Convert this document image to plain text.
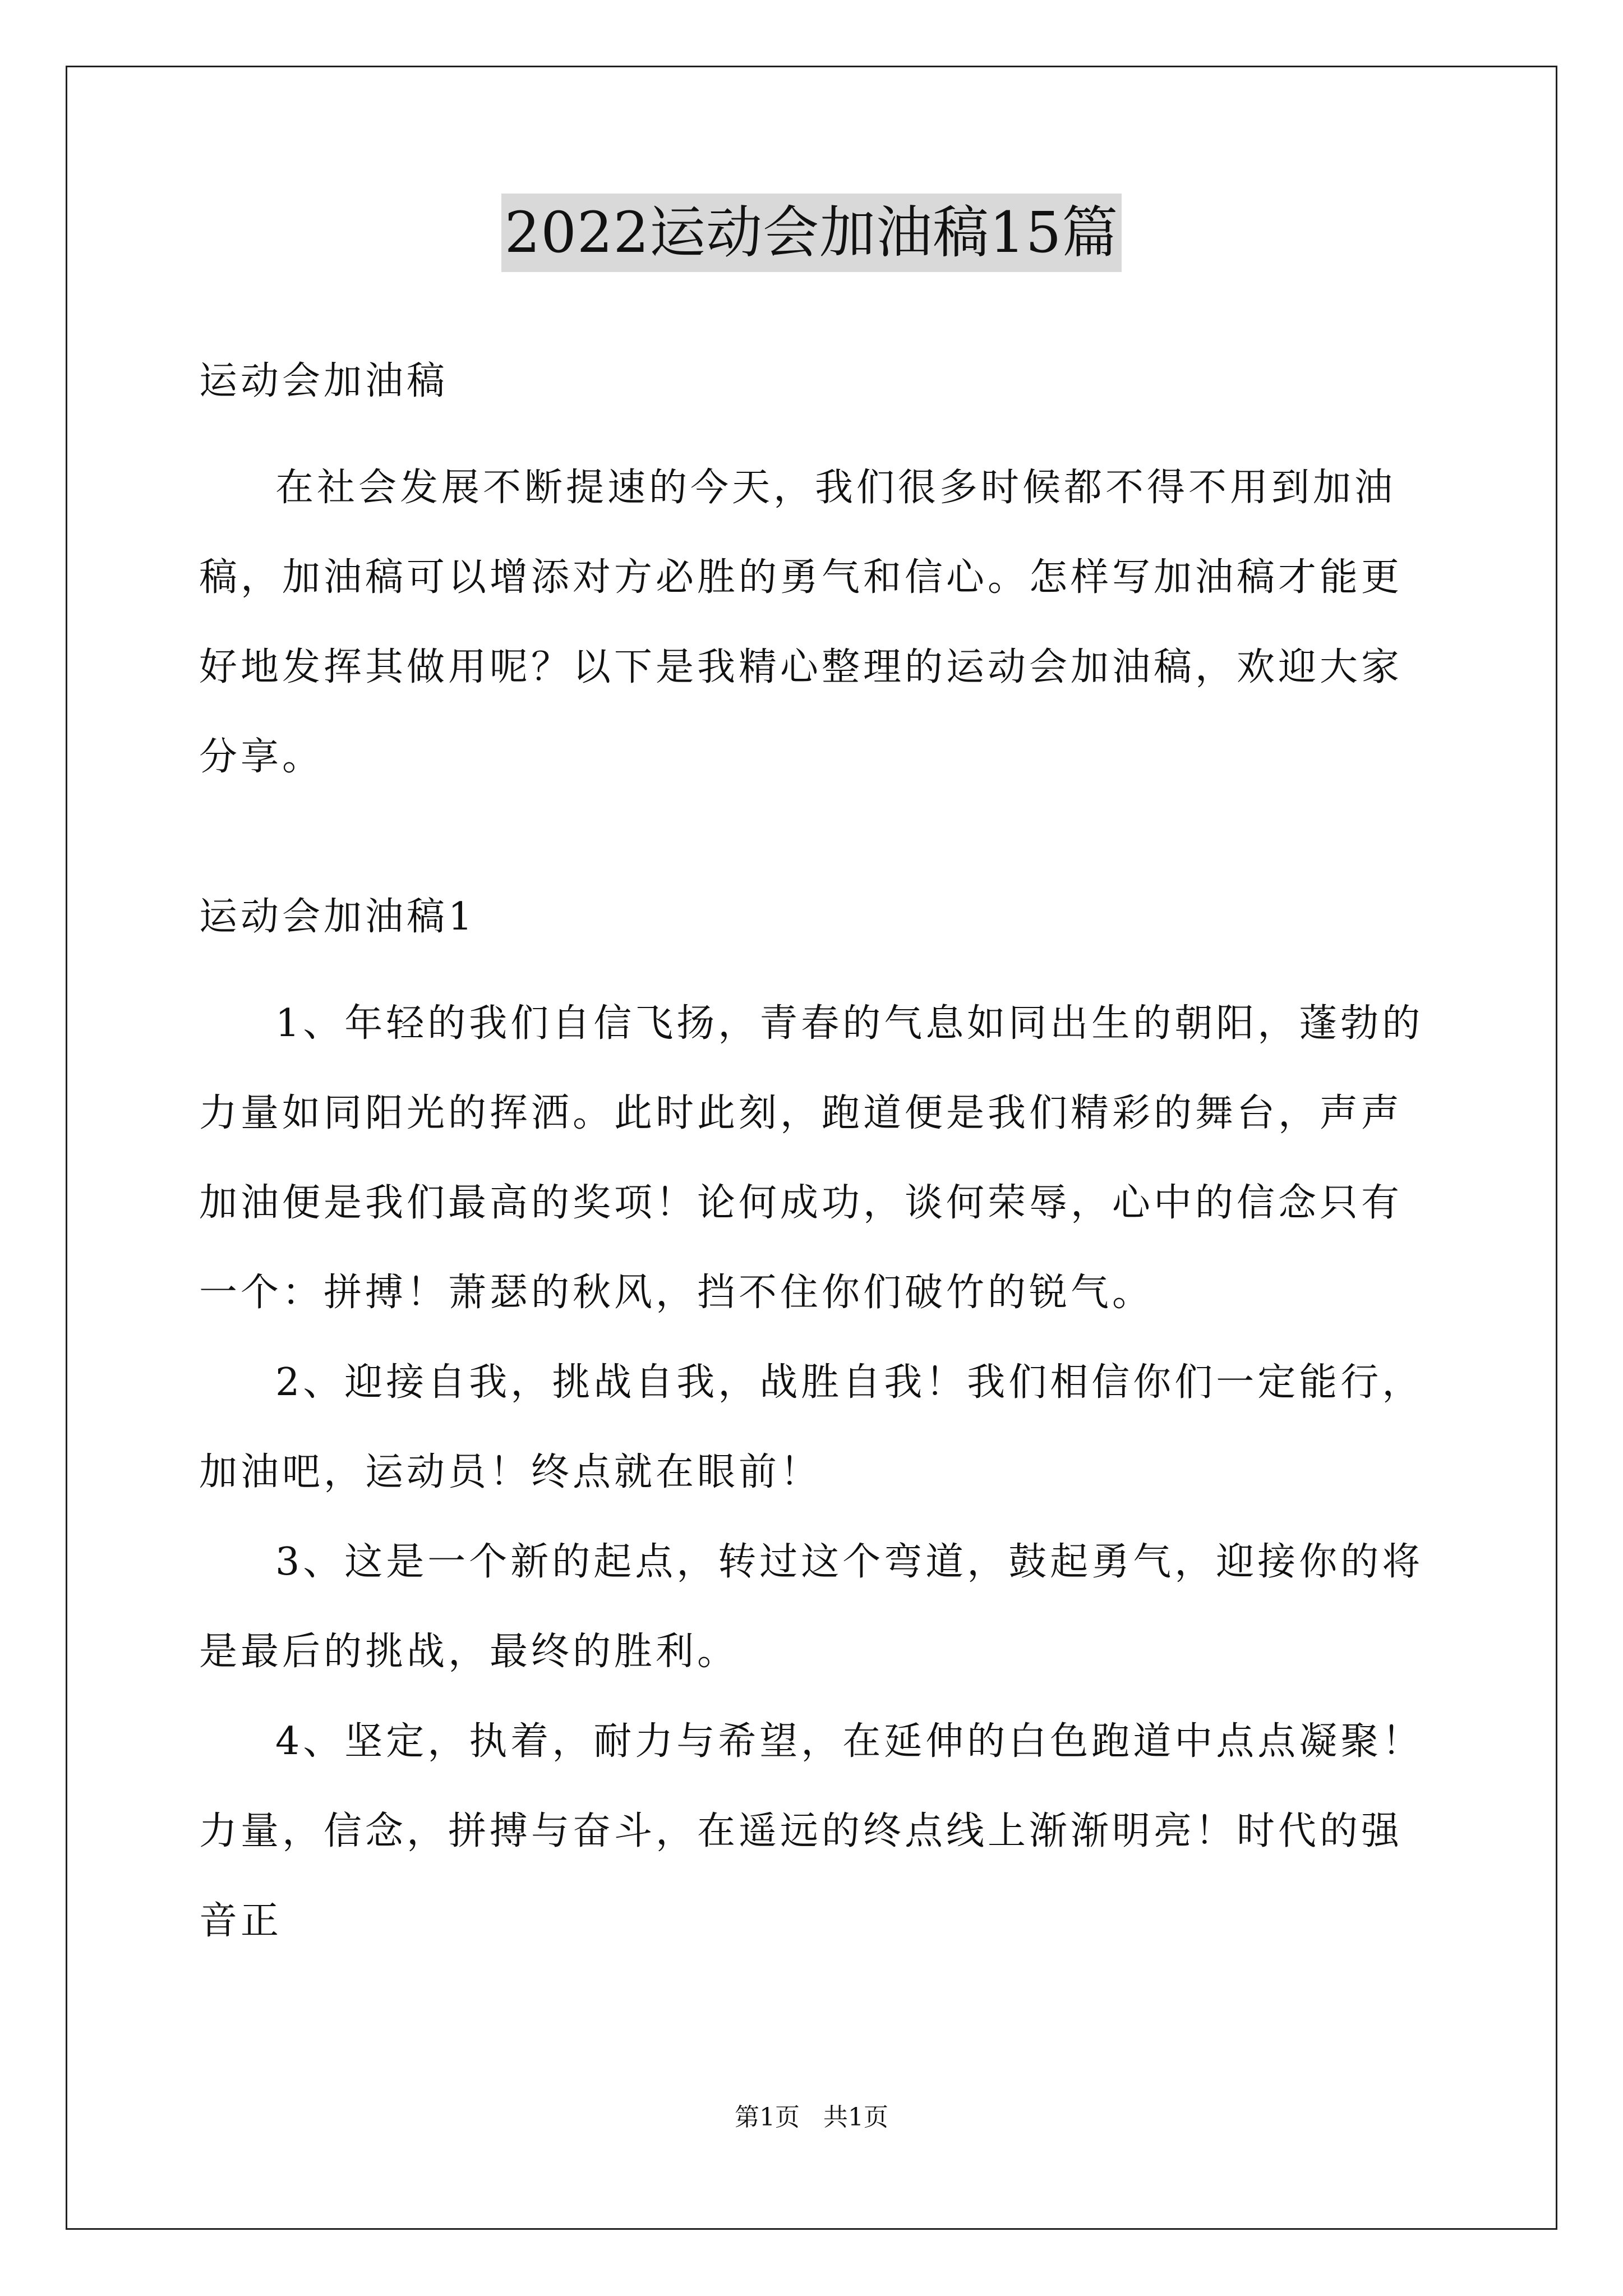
2022运动会加油稿15篇
运动会加油稿

在社会发展不断提速的今天，我们很多时候都不得不用到加油稿，加油稿可以增添对方必胜的勇气和信心。怎样写加油稿才能更好地发挥其做用呢？以下是我精心整理的运动会加油稿，欢迎大家分享。

运动会加油稿1

1、年轻的我们自信飞扬，青春的气息如同出生的朝阳，蓬勃的力量如同阳光的挥洒。此时此刻，跑道便是我们精彩的舞台，声声加油便是我们最高的奖项！论何成功，谈何荣辱，心中的信念只有一个：拼搏！萧瑟的秋风，挡不住你们破竹的锐气。

2、迎接自我，挑战自我，战胜自我！我们相信你们一定能行，加油吧，运动员！终点就在眼前！

3、这是一个新的起点，转过这个弯道，鼓起勇气，迎接你的将是最后的挑战，最终的胜利。

4、坚定，执着，耐力与希望，在延伸的白色跑道中点点凝聚！力量，信念，拼搏与奋斗，在遥远的终点线上渐渐明亮！时代的强音正

第1页 共1页
